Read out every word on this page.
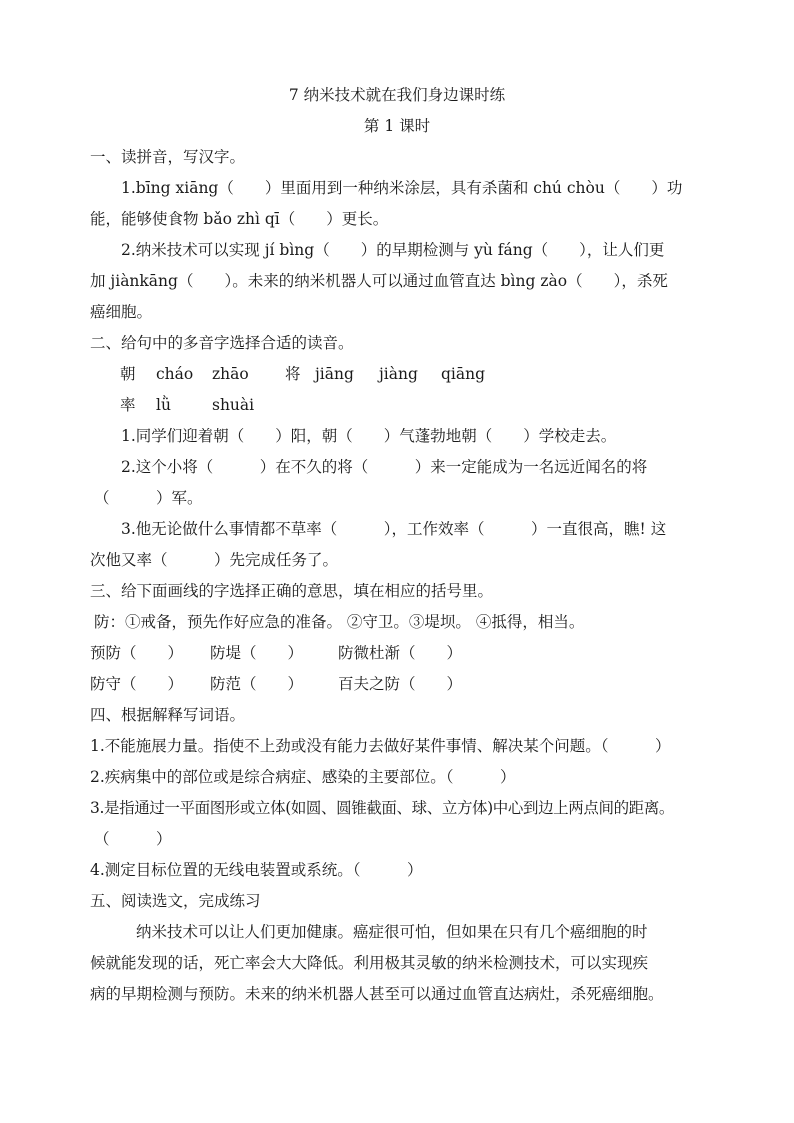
7 纳米技术就在我们身边课时练
第 1 课时
一、读拼音，写汉字。
1.bīng xiāng（　　）里面用到一种纳米涂层，具有杀菌和 chú chòu（　　）功
能，能够使食物 bǎo zhì qī（　　）更长。
2.纳米技术可以实现 jí bìng（　　）的早期检测与 yù fáng（　　），让人们更
加 jiànkāng（　　）。未来的纳米机器人可以通过血管直达 bìng zào（　　），杀死
癌细胞。
二、给句中的多音字选择合适的读音。
朝 cháo zhāo 将 jiāng jiàng qiāng
率 lǜ	shuài
1.同学们迎着朝（　　）阳，朝（　　）气蓬勃地朝（　　）学校走去。
2.这个小将（　　　）在不久的将（　　　）来一定能成为一名远近闻名的将
（　　　）军。
3.他无论做什么事情都不草率（　　　），工作效率（　　　）一直很高，瞧! 这
次他又率（　　　）先完成任务了。
三、给下面画线的字选择正确的意思，填在相应的括号里。
防：①戒备，预先作好应急的准备。 ②守卫。③堤坝。 ④抵得，相当。
预防（　　） 防堤（　　） 防微杜渐（　　）
防守（　　） 防范（　　） 百夫之防（　　）
四、根据解释写词语。
1.不能施展力量。指使不上劲或没有能力去做好某件事情、解决某个问题。（　　　）
2.疾病集中的部位或是综合病症、感染的主要部位。（　　　）
3.是指通过一平面图形或立体(如圆、圆锥截面、球、立方体)中心到边上两点间的距离。
（　　　）
4.测定目标位置的无线电装置或系统。（　　　）
五、阅读选文，完成练习
纳米技术可以让人们更加健康。癌症很可怕，但如果在只有几个癌细胞的时
候就能发现的话，死亡率会大大降低。利用极其灵敏的纳米检测技术，可以实现疾
病的早期检测与预防。未来的纳米机器人甚至可以通过血管直达病灶，杀死癌细胞。
